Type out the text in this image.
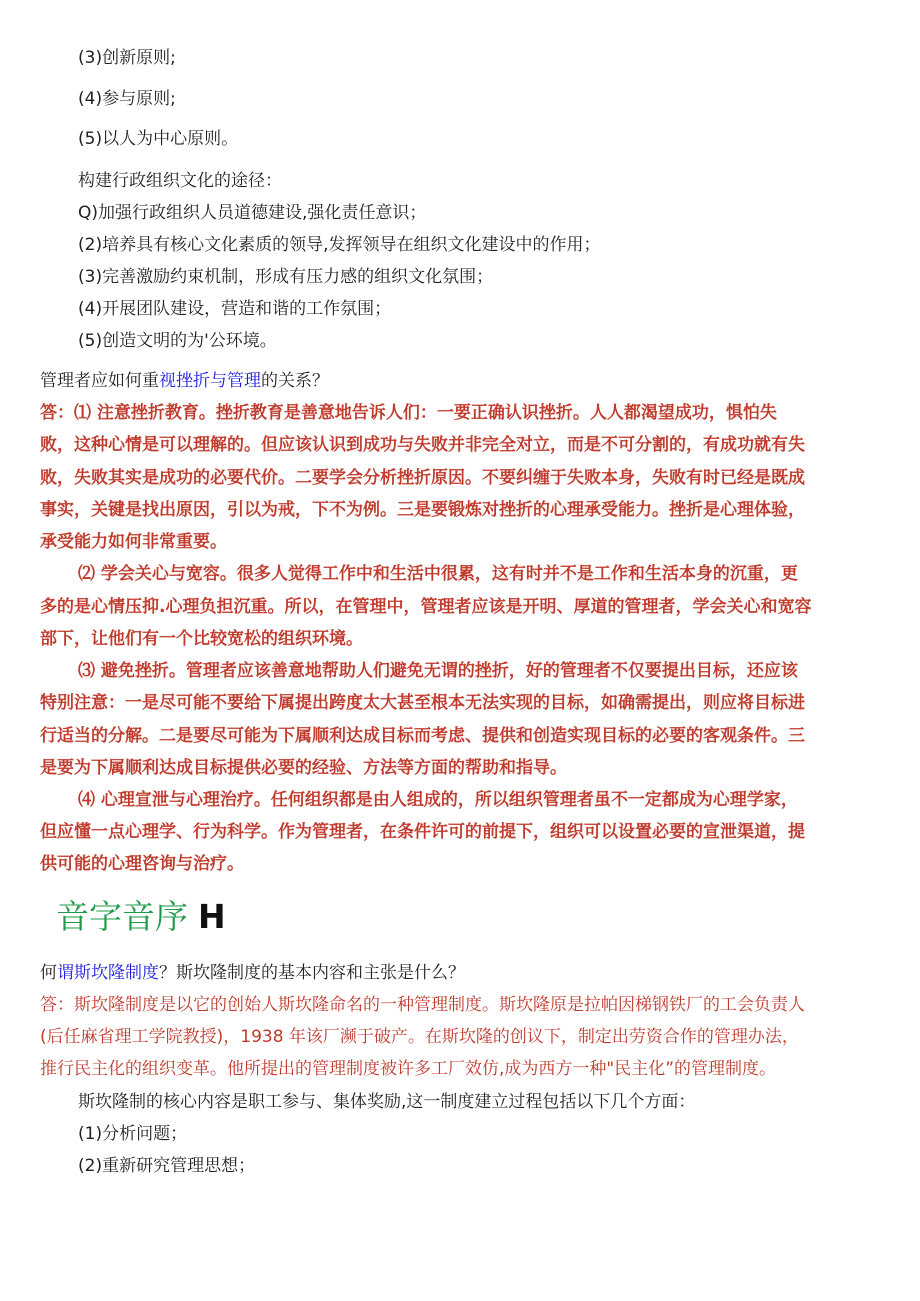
(3)创新原则;
(4)参与原则;
(5)以人为中心原则。
构建行政组织文化的途径：
Q)加强行政组织人员道德建设,强化责任意识；
(2)培养具有核心文化素质的领导,发挥领导在组织文化建设中的作用；
(3)完善激励约束机制，形成有压力感的组织文化氛围；
(4)开展团队建设，营造和谐的工作氛围；
(5)创造文明的为'公环境。
管理者应如何重视挫折与管理的关系？
答：⑴ 注意挫折教育。挫折教育是善意地告诉人们：一要正确认识挫折。人人都渴望成功，惧怕失
败，这种心情是可以理解的。但应该认识到成功与失败并非完全对立，而是不可分割的，有成功就有失
败，失败其实是成功的必要代价。二要学会分析挫折原因。不要纠缠于失败本身，失败有时已经是既成
事实，关键是找出原因，引以为戒，下不为例。三是要锻炼对挫折的心理承受能力。挫折是心理体验，
承受能力如何非常重要。
⑵ 学会关心与宽容。很多人觉得工作中和生活中很累，这有时并不是工作和生活本身的沉重，更
多的是心情压抑.心理负担沉重。所以，在管理中，管理者应该是开明、厚道的管理者，学会关心和宽容
部下，让他们有一个比较宽松的组织环境。
⑶ 避免挫折。管理者应该善意地帮助人们避免无谓的挫折，好的管理者不仅要提出目标，还应该
特别注意：一是尽可能不要给下属提出跨度太大甚至根本无法实现的目标，如确需提出，则应将目标进
行适当的分解。二是要尽可能为下属顺利达成目标而考虑、提供和创造实现目标的必要的客观条件。三
是要为下属顺利达成目标提供必要的经验、方法等方面的帮助和指导。
⑷ 心理宣泄与心理治疗。任何组织都是由人组成的，所以组织管理者虽不一定都成为心理学家，
但应懂一点心理学、行为科学。作为管理者，在条件许可的前提下，组织可以设置必要的宣泄渠道，提
供可能的心理咨询与治疗。
音字音序 H
何谓斯坎隆制度？斯坎隆制度的基本内容和主张是什么？
答：斯坎隆制度是以它的创始人斯坎隆命名的一种管理制度。斯坎隆原是拉帕因梯钢铁厂的工会负责人
(后任麻省理工学院教授)，1938 年该厂濒于破产。在斯坎隆的创议下，制定出劳资合作的管理办法，
推行民主化的组织变革。他所提出的管理制度被许多工厂效仿,成为西方一种"民主化”的管理制度。
斯坎隆制的核心内容是职工参与、集体奖励,这一制度建立过程包括以下几个方面：
(1)分析问题；
(2)重新研究管理思想；
